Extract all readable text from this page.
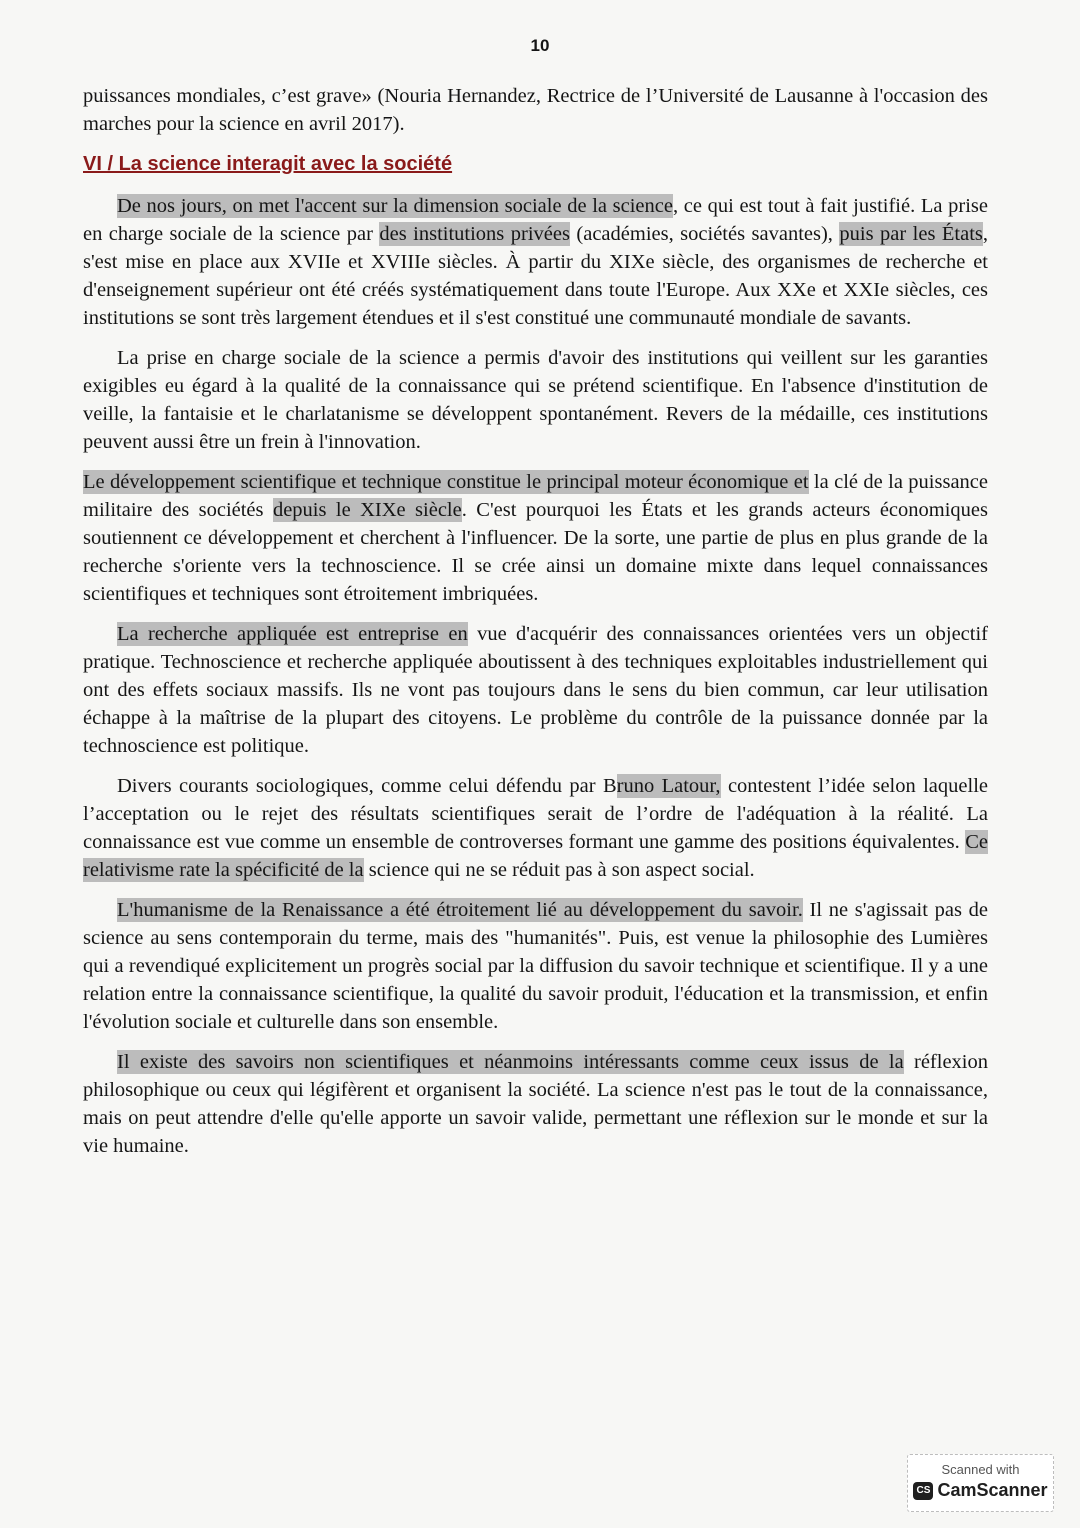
10

puissances mondiales, c’est grave» (Nouria Hernandez, Rectrice de l’Université de Lausanne à l'occasion des marches pour la science en avril 2017).

VI / La science interagit avec la société

De nos jours, on met l'accent sur la dimension sociale de la science, ce qui est tout à fait justifié. La prise en charge sociale de la science par des institutions privées (académies, sociétés savantes), puis par les États, s'est mise en place aux XVIIe et XVIIIe siècles. À partir du XIXe siècle, des organismes de recherche et d'enseignement supérieur ont été créés systématiquement dans toute l'Europe. Aux XXe et XXIe siècles, ces institutions se sont très largement étendues et il s'est constitué une communauté mondiale de savants.

La prise en charge sociale de la science a permis d'avoir des institutions qui veillent sur les garanties exigibles eu égard à la qualité de la connaissance qui se prétend scientifique. En l'absence d'institution de veille, la fantaisie et le charlatanisme se développent spontanément. Revers de la médaille, ces institutions peuvent aussi être un frein à l'innovation.

Le développement scientifique et technique constitue le principal moteur économique et la clé de la puissance militaire des sociétés depuis le XIXe siècle. C'est pourquoi les États et les grands acteurs économiques soutiennent ce développement et cherchent à l'influencer. De la sorte, une partie de plus en plus grande de la recherche s'oriente vers la technoscience. Il se crée ainsi un domaine mixte dans lequel connaissances scientifiques et techniques sont étroitement imbriquées.

La recherche appliquée est entreprise en vue d'acquérir des connaissances orientées vers un objectif pratique. Technoscience et recherche appliquée aboutissent à des techniques exploitables industriellement qui ont des effets sociaux massifs. Ils ne vont pas toujours dans le sens du bien commun, car leur utilisation échappe à la maîtrise de la plupart des citoyens. Le problème du contrôle de la puissance donnée par la technoscience est politique.

Divers courants sociologiques, comme celui défendu par Bruno Latour, contestent l’idée selon laquelle l’acceptation ou le rejet des résultats scientifiques serait de l’ordre de l'adéquation à la réalité. La connaissance est vue comme un ensemble de controverses formant une gamme des positions équivalentes. Ce relativisme rate la spécificité de la science qui ne se réduit pas à son aspect social.

L'humanisme de la Renaissance a été étroitement lié au développement du savoir. Il ne s'agissait pas de science au sens contemporain du terme, mais des "humanités". Puis, est venue la philosophie des Lumières qui a revendiqué explicitement un progrès social par la diffusion du savoir technique et scientifique. Il y a une relation entre la connaissance scientifique, la qualité du savoir produit, l'éducation et la transmission, et enfin l'évolution sociale et culturelle dans son ensemble.

Il existe des savoirs non scientifiques et néanmoins intéressants comme ceux issus de la réflexion philosophique ou ceux qui légifèrent et organisent la société. La science n'est pas le tout de la connaissance, mais on peut attendre d'elle qu'elle apporte un savoir valide, permettant une réflexion sur le monde et sur la vie humaine.

Scanned with
CS CamScanner
